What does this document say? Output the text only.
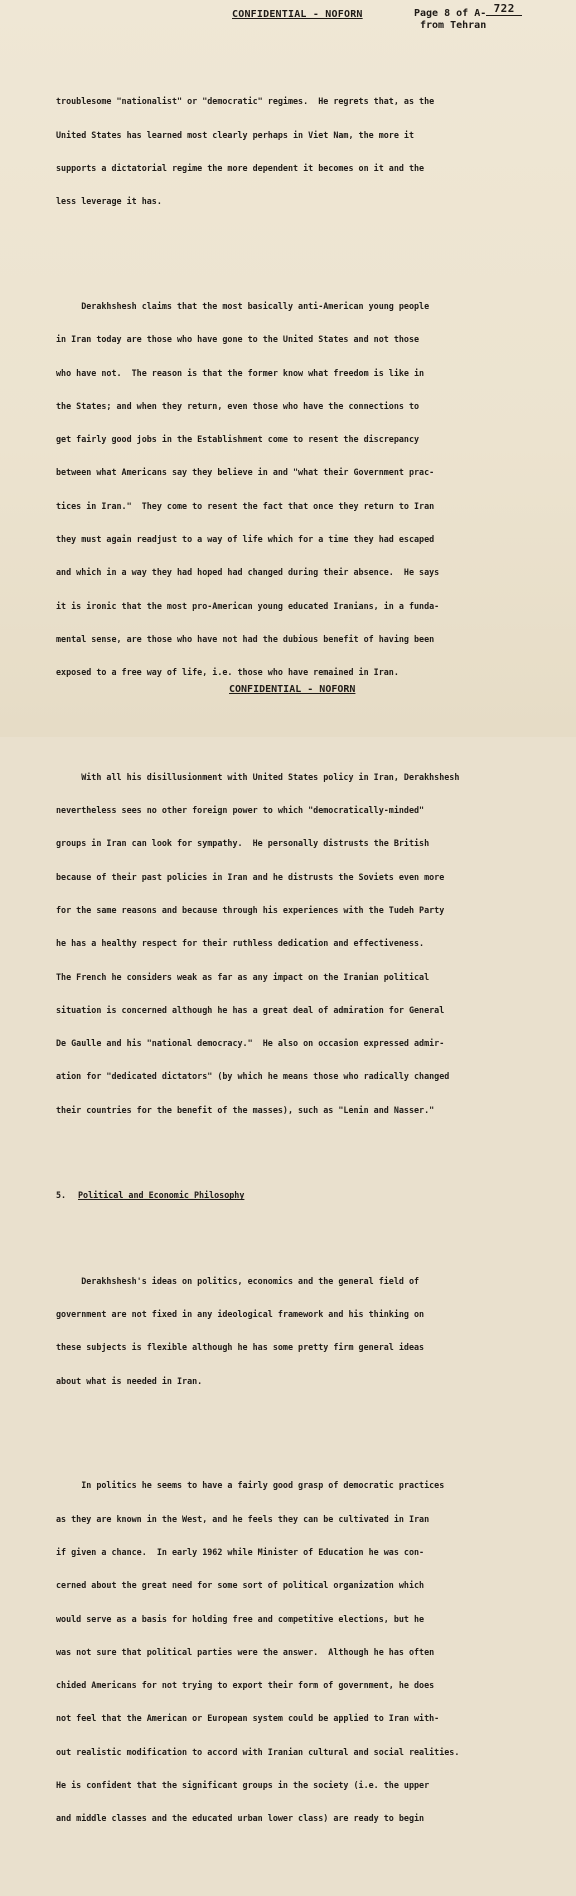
CONFIDENTIAL - NOFORN	Page 8 of A- 722
from Tehran

troublesome "nationalist" or "democratic" regimes.  He regrets that, as the

United States has learned most clearly perhaps in Viet Nam, the more it

supports a dictatorial regime the more dependent it becomes on it and the

less leverage it has.

Derakhshesh claims that the most basically anti-American young people

in Iran today are those who have gone to the United States and not those

who have not.  The reason is that the former know what freedom is like in

the States; and when they return, even those who have the connections to

get fairly good jobs in the Establishment come to resent the discrepancy

between what Americans say they believe in and "what their Government prac-

tices in Iran."  They come to resent the fact that once they return to Iran

they must again readjust to a way of life which for a time they had escaped

and which in a way they had hoped had changed during their absence.  He says

it is ironic that the most pro-American young educated Iranians, in a funda-

mental sense, are those who have not had the dubious benefit of having been

exposed to a free way of life, i.e. those who have remained in Iran.

With all his disillusionment with United States policy in Iran, Derakhshesh

nevertheless sees no other foreign power to which "democratically-minded"

groups in Iran can look for sympathy.  He personally distrusts the British

because of their past policies in Iran and he distrusts the Soviets even more

for the same reasons and because through his experiences with the Tudeh Party

he has a healthy respect for their ruthless dedication and effectiveness.

The French he considers weak as far as any impact on the Iranian political

situation is concerned although he has a great deal of admiration for General

De Gaulle and his "national democracy."  He also on occasion expressed admir-

ation for "dedicated dictators" (by which he means those who radically changed

their countries for the benefit of the masses), such as "Lenin and Nasser."

5. Political and Economic Philosophy

Derakhshesh's ideas on politics, economics and the general field of

government are not fixed in any ideological framework and his thinking on

these subjects is flexible although he has some pretty firm general ideas

about what is needed in Iran.

In politics he seems to have a fairly good grasp of democratic practices

as they are known in the West, and he feels they can be cultivated in Iran

if given a chance.  In early 1962 while Minister of Education he was con-

cerned about the great need for some sort of political organization which

would serve as a basis for holding free and competitive elections, but he

was not sure that political parties were the answer.  Although he has often

chided Americans for not trying to export their form of government, he does

not feel that the American or European system could be applied to Iran with-

out realistic modification to accord with Iranian cultural and social realities.

He is confident that the significant groups in the society (i.e. the upper

and middle classes and the educated urban lower class) are ready to begin

CONFIDENTIAL - NOFORN
